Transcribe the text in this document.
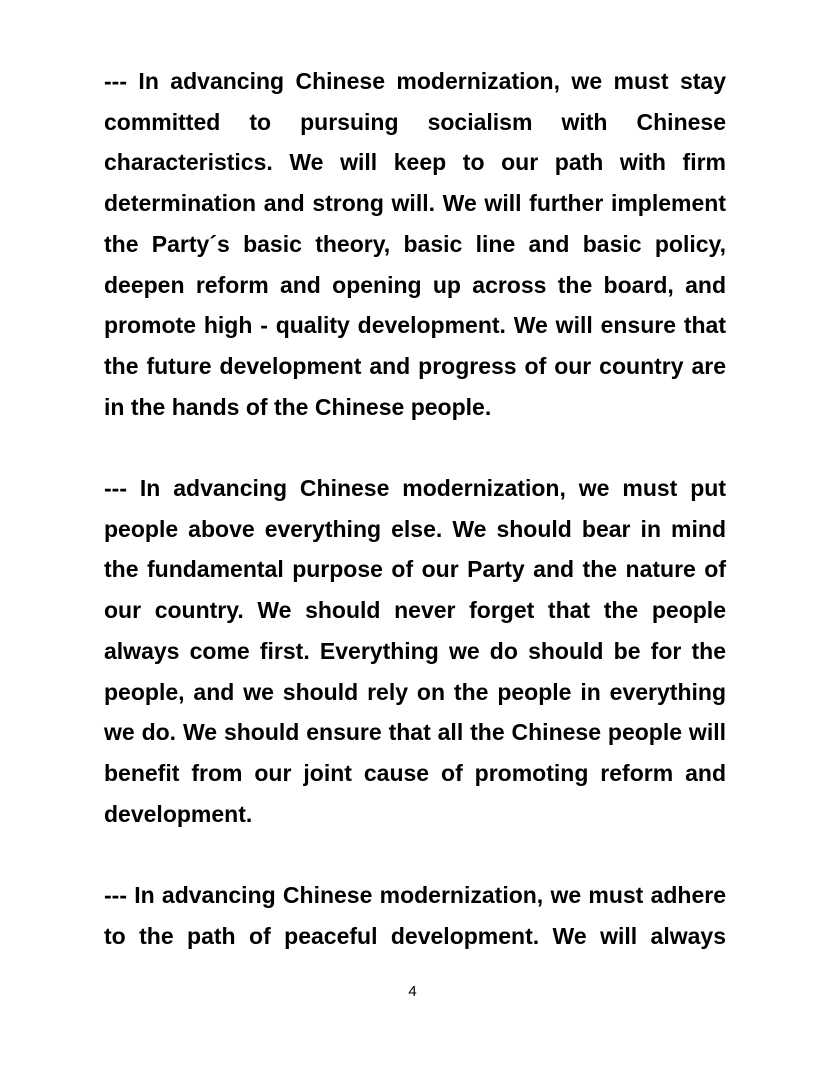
--- In advancing Chinese modernization, we must stay
committed to pursuing socialism with Chinese
characteristics. We will keep to our path with firm
determination and strong will. We will further implement
the Party´s basic theory, basic line and basic policy,
deepen reform and opening up across the board, and
promote high - quality development. We will ensure that
the future development and progress of our country are
in the hands of the Chinese people.
--- In advancing Chinese modernization, we must put
people above everything else. We should bear in mind
the fundamental purpose of our Party and the nature of
our country. We should never forget that the people
always come first. Everything we do should be for the
people, and we should rely on the people in everything
we do. We should ensure that all the Chinese people will
benefit from our joint cause of promoting reform and
development.
--- In advancing Chinese modernization, we must adhere
to the path of peaceful development. We will always
4
